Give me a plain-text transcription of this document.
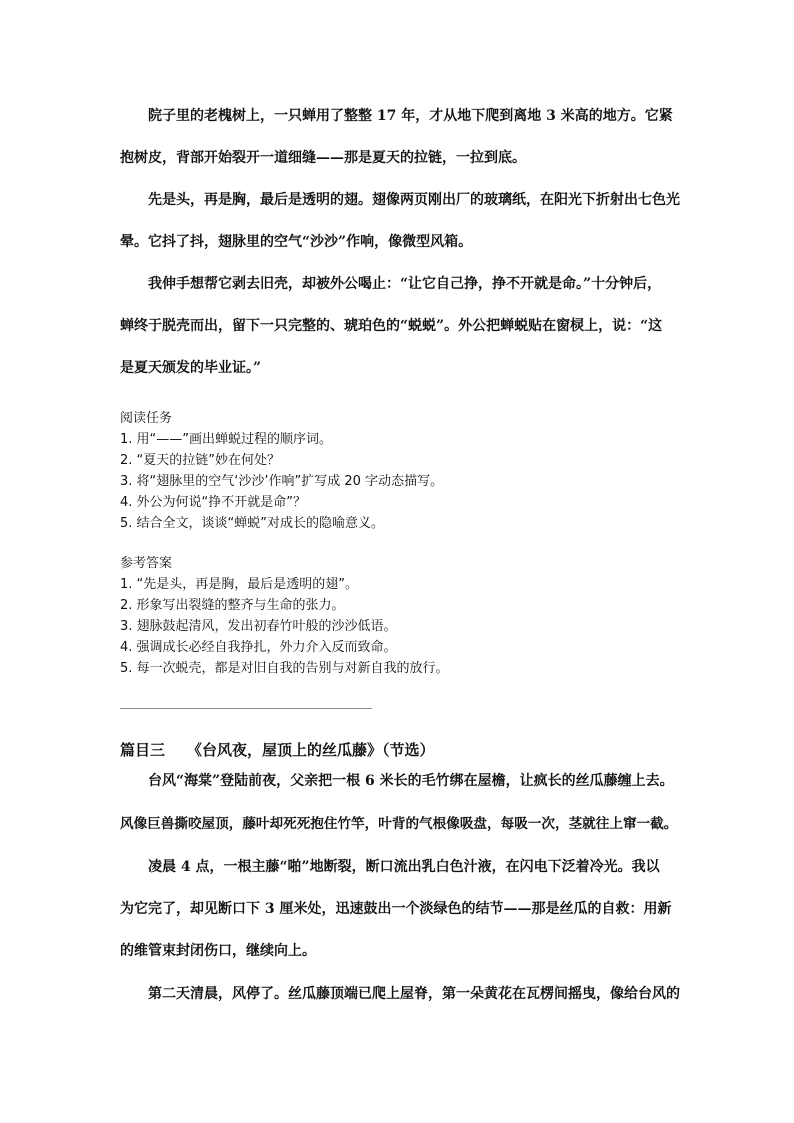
院子里的老槐树上，一只蝉用了整整 17 年，才从地下爬到离地 3 米高的地方。它紧

抱树皮，背部开始裂开一道细缝——那是夏天的拉链，一拉到底。

先是头，再是胸，最后是透明的翅。翅像两页刚出厂的玻璃纸，在阳光下折射出七色光

晕。它抖了抖，翅脉里的空气“沙沙”作响，像微型风箱。

我伸手想帮它剥去旧壳，却被外公喝止：“让它自己挣，挣不开就是命。”十分钟后，

蝉终于脱壳而出，留下一只完整的、琥珀色的“蜕蜕”。外公把蝉蜕贴在窗棂上，说：“这

是夏天颁发的毕业证。”

阅读任务

1. 用“——”画出蝉蜕过程的顺序词。
2. “夏天的拉链”妙在何处？
3. 将“翅脉里的空气‘沙沙’作响”扩写成 20 字动态描写。
4. 外公为何说“挣不开就是命”？
5. 结合全文，谈谈“蝉蜕”对成长的隐喻意义。

参考答案

1. “先是头，再是胸，最后是透明的翅”。
2. 形象写出裂缝的整齐与生命的张力。
3. 翅脉鼓起清风，发出初春竹叶般的沙沙低语。
4. 强调成长必经自我挣扎，外力介入反而致命。
5. 每一次蜕壳，都是对旧自我的告别与对新自我的放行。

篇目三 《台风夜，屋顶上的丝瓜藤》（节选）

台风“海棠”登陆前夜，父亲把一根 6 米长的毛竹绑在屋檐，让疯长的丝瓜藤缠上去。

风像巨兽撕咬屋顶，藤叶却死死抱住竹竿，叶背的气根像吸盘，每吸一次，茎就往上窜一截。

凌晨 4 点，一根主藤“啪”地断裂，断口流出乳白色汁液，在闪电下泛着冷光。我以

为它完了，却见断口下 3 厘米处，迅速鼓出一个淡绿色的结节——那是丝瓜的自救：用新

的维管束封闭伤口，继续向上。

第二天清晨，风停了。丝瓜藤顶端已爬上屋脊，第一朵黄花在瓦楞间摇曳，像给台风的
